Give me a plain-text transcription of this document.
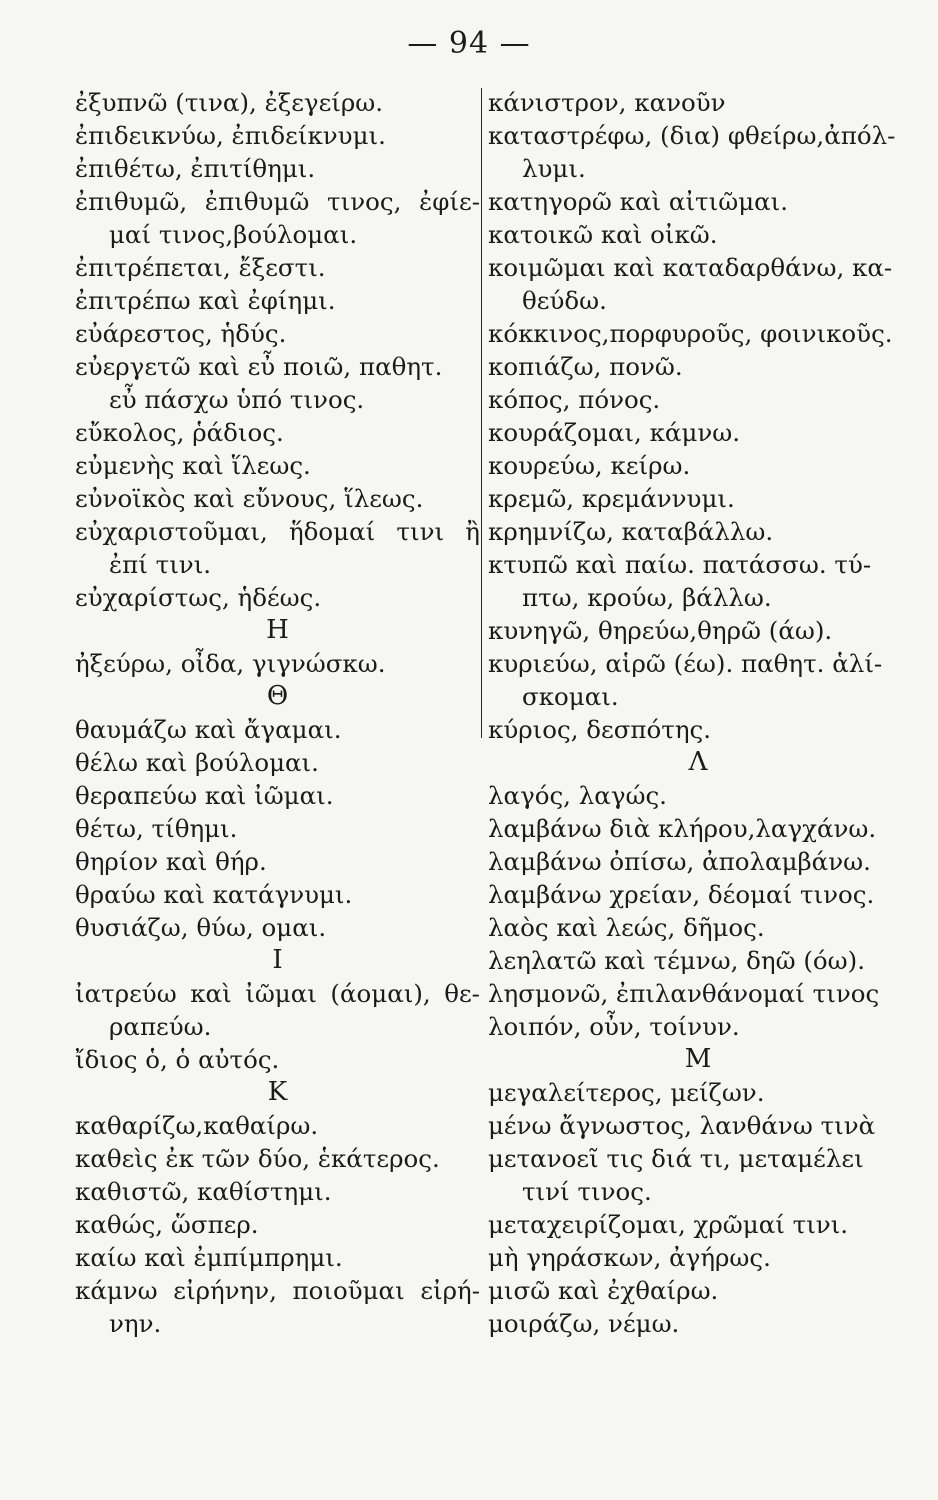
— 94 —
ἐξυπνῶ (τινα), ἐξεγείρω.
ἐπιδεικνύω, ἐπιδείκνυμι.
ἐπιθέτω, ἐπιτίθημι.
ἐπιθυμῶ, ἐπιθυμῶ τινος, ἐφίε-
μαί τινος,βούλομαι.
ἐπιτρέπεται, ἔξεστι.
ἐπιτρέπω καὶ ἐφίημι.
εὐάρεστος, ἡδύς.
εὐεργετῶ καὶ εὖ ποιῶ, παθητ.
εὖ πάσχω ὑπό τινος.
εὔκολος, ῥάδιος.
εὐμενὴς καὶ ἵλεως.
εὐνοϊκὸς καὶ εὔνους, ἵλεως.
εὐχαριστοῦμαι, ἥδομαί τινι ἢ
ἐπί τινι.
εὐχαρίστως, ἡδέως.
Η
ἠξεύρω, οἶδα, γιγνώσκω.
Θ
θαυμάζω καὶ ἄγαμαι.
θέλω καὶ βούλομαι.
θεραπεύω καὶ ἰῶμαι.
θέτω, τίθημι.
θηρίον καὶ θήρ.
θραύω καὶ κατάγνυμι.
θυσιάζω, θύω, ομαι.
Ι
ἰατρεύω καὶ ἰῶμαι (άομαι), θε-
ραπεύω.
ἴδιος ὁ, ὁ αὐτός.
Κ
καθαρίζω,καθαίρω.
καθεὶς ἐκ τῶν δύο, ἑκάτερος.
καθιστῶ, καθίστημι.
καθώς, ὥσπερ.
καίω καὶ ἐμπίμπρημι.
κάμνω εἰρήνην, ποιοῦμαι εἰρή-
νην.
κάνιστρον, κανοῦν
καταστρέφω, (δια) φθείρω,ἀπόλ-
λυμι.
κατηγορῶ καὶ αἰτιῶμαι.
κατοικῶ καὶ οἰκῶ.
κοιμῶμαι καὶ καταδαρθάνω, κα-
θεύδω.
κόκκινος,πορφυροῦς, φοινικοῦς.
κοπιάζω, πονῶ.
κόπος, πόνος.
κουράζομαι, κάμνω.
κουρεύω, κείρω.
κρεμῶ, κρεμάννυμι.
κρημνίζω, καταβάλλω.
κτυπῶ καὶ παίω. πατάσσω. τύ-
πτω, κρούω, βάλλω.
κυνηγῶ, θηρεύω,θηρῶ (άω).
κυριεύω, αἱρῶ (έω). παθητ. ἁλί-
σκομαι.
κύριος, δεσπότης.
Λ
λαγός, λαγώς.
λαμβάνω διὰ κλήρου,λαγχάνω.
λαμβάνω ὀπίσω, ἀπολαμβάνω.
λαμβάνω χρείαν, δέομαί τινος.
λαὸς καὶ λεώς, δῆμος.
λεηλατῶ καὶ τέμνω, δηῶ (όω).
λησμονῶ, ἐπιλανθάνομαί τινος
λοιπόν, οὖν, τοίνυν.
Μ
μεγαλείτερος, μείζων.
μένω ἄγνωστος, λανθάνω τινὰ
μετανοεῖ τις διά τι, μεταμέλει
τινί τινος.
μεταχειρίζομαι, χρῶμαί τινι.
μὴ γηράσκων, ἀγήρως.
μισῶ καὶ ἐχθαίρω.
μοιράζω, νέμω.
